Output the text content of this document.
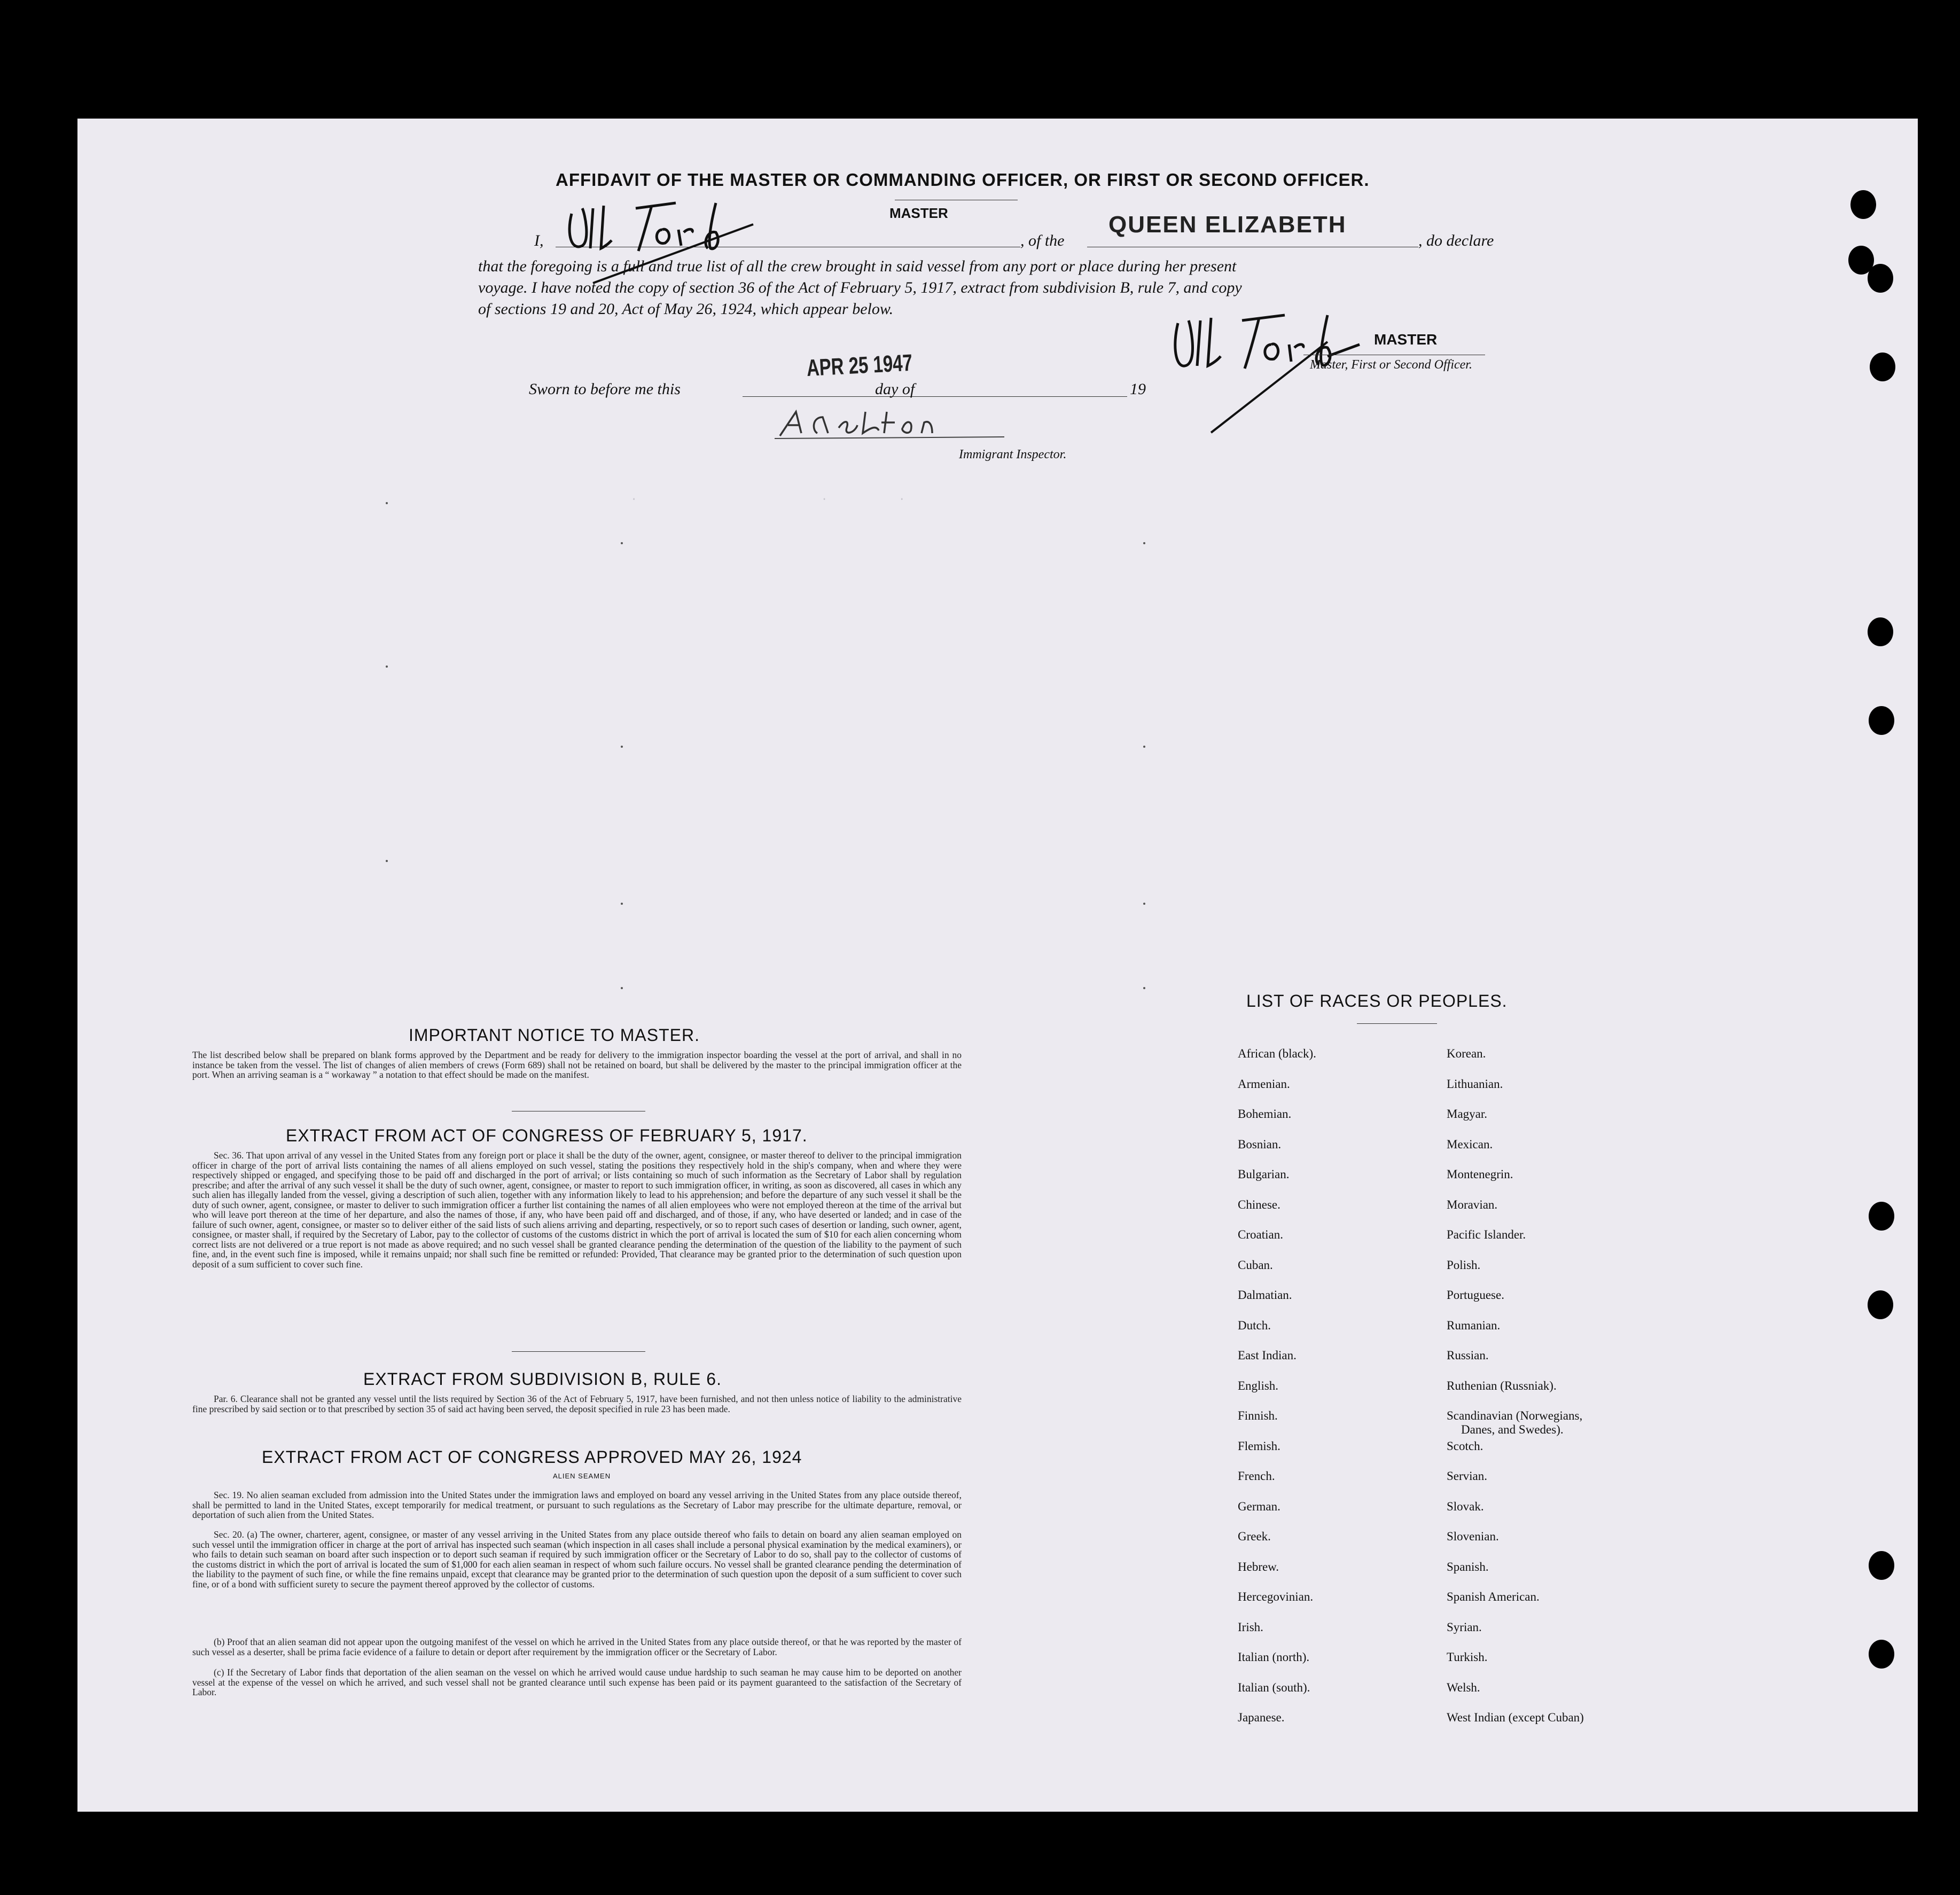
.                          .          .
AFFIDAVIT OF THE MASTER OR COMMANDING OFFICER, OR FIRST OR SECOND OFFICER.
I,
MASTER
, of the
QUEEN ELIZABETH
, do declare
that the foregoing is a full and true list of all the crew brought in said vessel from any port or place during her present
voyage. I have noted the copy of section 36 of the Act of February 5, 1917, extract from subdivision B, rule 7, and copy
of sections 19 and 20, Act of May 26, 1924, which appear below.
MASTER
Master, First or Second Officer.
Sworn to before me this
APR 25 1947
day of	19
Immigrant Inspector.
IMPORTANT NOTICE TO MASTER.
The list described below shall be prepared on blank forms approved by the Department and be ready for delivery to the immigration inspector boarding the vessel at the port of arrival, and shall in no instance be taken from the vessel. The list of changes of alien members of crews (Form 689) shall not be retained on board, but shall be delivered by the master to the principal immigration officer at the port. When an arriving seaman is a “ workaway ” a notation to that effect should be made on the manifest.
EXTRACT FROM ACT OF CONGRESS OF FEBRUARY 5, 1917.
Sec. 36. That upon arrival of any vessel in the United States from any foreign port or place it shall be the duty of the owner, agent, consignee, or master thereof to deliver to the principal immigration officer in charge of the port of arrival lists containing the names of all aliens employed on such vessel, stating the positions they respectively hold in the ship's company, when and where they were respectively shipped or engaged, and specifying those to be paid off and discharged in the port of arrival; or lists containing so much of such information as the Secretary of Labor shall by regulation prescribe; and after the arrival of any such vessel it shall be the duty of such owner, agent, consignee, or master to report to such immigration officer, in writing, as soon as discovered, all cases in which any such alien has illegally landed from the vessel, giving a description of such alien, together with any information likely to lead to his apprehension; and before the departure of any such vessel it shall be the duty of such owner, agent, consignee, or master to deliver to such immigration officer a further list containing the names of all alien employees who were not employed thereon at the time of the arrival but who will leave port thereon at the time of her departure, and also the names of those, if any, who have been paid off and discharged, and of those, if any, who have deserted or landed; and in case of the failure of such owner, agent, consignee, or master so to deliver either of the said lists of such aliens arriving and departing, respectively, or so to report such cases of desertion or landing, such owner, agent, consignee, or master shall, if required by the Secretary of Labor, pay to the collector of customs of the customs district in which the port of arrival is located the sum of $10 for each alien concerning whom correct lists are not delivered or a true report is not made as above required; and no such vessel shall be granted clearance pending the determination of the question of the liability to the payment of such fine, and, in the event such fine is imposed, while it remains unpaid; nor shall such fine be remitted or refunded: Provided, That clearance may be granted prior to the determination of such question upon deposit of a sum sufficient to cover such fine.
EXTRACT FROM SUBDIVISION B, RULE 6.
Par. 6. Clearance shall not be granted any vessel until the lists required by Section 36 of the Act of February 5, 1917, have been furnished, and not then unless notice of liability to the administrative fine prescribed by said section or to that prescribed by section 35 of said act having been served, the deposit specified in rule 23 has been made.
EXTRACT FROM ACT OF CONGRESS APPROVED MAY 26, 1924
ALIEN SEAMEN
Sec. 19. No alien seaman excluded from admission into the United States under the immigration laws and employed on board any vessel arriving in the United States from any place outside thereof, shall be permitted to land in the United States, except temporarily for medical treatment, or pursuant to such regulations as the Secretary of Labor may prescribe for the ultimate departure, removal, or deportation of such alien from the United States.
Sec. 20. (a) The owner, charterer, agent, consignee, or master of any vessel arriving in the United States from any place outside thereof who fails to detain on board any alien seaman employed on such vessel until the immigration officer in charge at the port of arrival has inspected such seaman (which inspection in all cases shall include a personal physical examination by the medical examiners), or who fails to detain such seaman on board after such inspection or to deport such seaman if required by such immigration officer or the Secretary of Labor to do so, shall pay to the collector of customs of the customs district in which the port of arrival is located the sum of $1,000 for each alien seaman in respect of whom such failure occurs. No vessel shall be granted clearance pending the determination of the liability to the payment of such fine, or while the fine remains unpaid, except that clearance may be granted prior to the determination of such question upon the deposit of a sum sufficient to cover such fine, or of a bond with sufficient surety to secure the payment thereof approved by the collector of customs.
(b) Proof that an alien seaman did not appear upon the outgoing manifest of the vessel on which he arrived in the United States from any place outside thereof, or that he was reported by the master of such vessel as a deserter, shall be prima facie evidence of a failure to detain or deport after requirement by the immigration officer or the Secretary of Labor.
(c) If the Secretary of Labor finds that deportation of the alien seaman on the vessel on which he arrived would cause undue hardship to such seaman he may cause him to be deported on another vessel at the expense of the vessel on which he arrived, and such vessel shall not be granted clearance until such expense has been paid or its payment guaranteed to the satisfaction of the Secretary of Labor.
LIST OF RACES OR PEOPLES.
African (black).
Armenian.
Bohemian.
Bosnian.
Bulgarian.
Chinese.
Croatian.
Cuban.
Dalmatian.
Dutch.
East Indian.
English.
Finnish.
Flemish.
French.
German.
Greek.
Hebrew.
Hercegovinian.
Irish.
Italian (north).
Italian (south).
Japanese.
Korean.
Lithuanian.
Magyar.
Mexican.
Montenegrin.
Moravian.
Pacific Islander.
Polish.
Portuguese.
Rumanian.
Russian.
Ruthenian (Russniak).
Scandinavian (Norwegians,
Scotch.
Servian.
Slovak.
Slovenian.
Spanish.
Spanish American.
Syrian.
Turkish.
Welsh.
West Indian (except Cuban)
Danes, and Swedes).
